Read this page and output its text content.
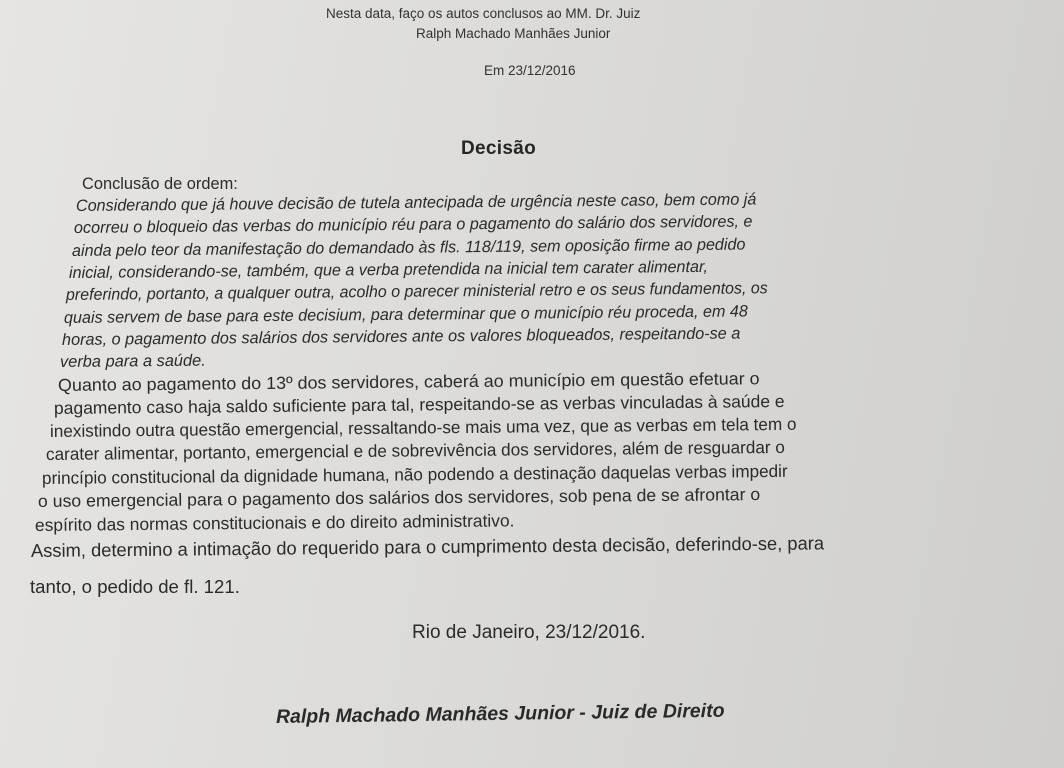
Nesta data, faço os autos conclusos ao MM. Dr. Juiz
Ralph Machado Manhães Junior
Em 23/12/2016
Decisão
Conclusão de ordem:
Considerando que já houve decisão de tutela antecipada de urgência neste caso, bem como já
ocorreu o bloqueio das verbas do município réu para o pagamento do salário dos servidores, e
ainda pelo teor da manifestação do demandado às fls. 118/119, sem oposição firme ao pedido
inicial, considerando-se, também, que a verba pretendida na inicial tem carater alimentar,
preferindo, portanto, a qualquer outra, acolho o parecer ministerial retro e os seus fundamentos, os
quais servem de base para este decisium, para determinar que o município réu proceda, em 48
horas, o pagamento dos salários dos servidores ante os valores bloqueados, respeitando-se a
verba para a saúde.
Quanto ao pagamento do 13º dos servidores, caberá ao município em questão efetuar o
pagamento caso haja saldo suficiente para tal, respeitando-se as verbas vinculadas à saúde e
inexistindo outra questão emergencial, ressaltando-se mais uma vez, que as verbas em tela tem o
carater alimentar, portanto, emergencial e de sobrevivência dos servidores, além de resguardar o
princípio constitucional da dignidade humana, não podendo a destinação daquelas verbas impedir
o uso emergencial para o pagamento dos salários dos servidores, sob pena de se afrontar o
espírito das normas constitucionais e do direito administrativo.
Assim, determino a intimação do requerido para o cumprimento desta decisão, deferindo-se, para
tanto, o pedido de fl. 121.
Rio de Janeiro, 23/12/2016.
Ralph Machado Manhães Junior - Juiz de Direito
